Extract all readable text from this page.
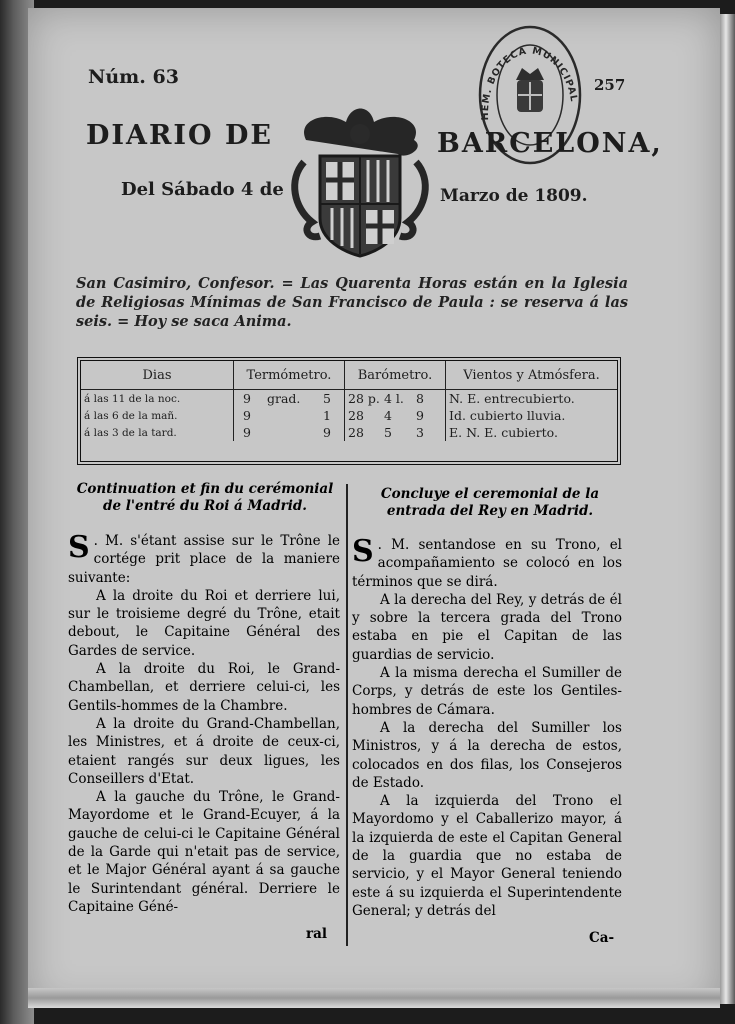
Núm. 63	257
HEM. BOTECA MUNICIPAL
DIARIO DE	BARCELONA,
Del Sábado 4 de	Marzo de 1809.
San Casimiro, Confesor. = Las Quarenta Horas están en la Iglesia de Religiosas Mínimas de San Francisco de Paula : se reserva á las seis. = Hoy se saca Anima.
Dias	Termómetro.	Barómetro.	Vientos y Atmósfera.
á las 11 de la noc.	9 grad. 5	28 p. 4 l. 8	N. E. entrecubierto.
á las 6 de la mañ.	9 1	28 4 9	Id. cubierto lluvia.
á las 3 de la tard.	9 9	28 5 3	E. N. E. cubierto.
Continuation et fin du cerémonial de l'entré du Roi á Madrid.
Concluye el ceremonial de la entrada del Rey en Madrid.

S . M. s'étant assise sur le Trône le cortége prit place de la maniere suivante:

A la droite du Roi et derriere lui, sur le troisieme degré du Trône, etait debout, le Capitaine Général des Gardes de service.

A la droite du Roi, le Grand-Chambellan, et derriere celui-ci, les Gentils-hommes de la Chambre.

A la droite du Grand-Chambellan, les Ministres, et á droite de ceux-ci, etaient rangés sur deux ligues, les Conseillers d'Etat.

A la gauche du Trône, le Grand-Mayordome et le Grand-Ecuyer, á la gauche de celui-ci le Capitaine Général de la Garde qui n'etait pas de service, et le Major Général ayant á sa gauche le Surintendant général. Derriere le Capitaine Géné-

ral

S . M. sentandose en su Trono, el acompañamiento se colocó en los términos que se dirá.

A la derecha del Rey, y detrás de él y sobre la tercera grada del Trono estaba en pie el Capitan de las guardias de servicio.

A la misma derecha el Sumiller de Corps, y detrás de este los Gentiles-hombres de Cámara.

A la derecha del Sumiller los Ministros, y á la derecha de estos, colocados en dos filas, los Consejeros de Estado.

A la izquierda del Trono el Mayordomo y el Caballerizo mayor, á la izquierda de este el Capitan General de la guardia que no estaba de servicio, y el Mayor General teniendo este á su izquierda el Superintendente General; y detrás del

Ca-
